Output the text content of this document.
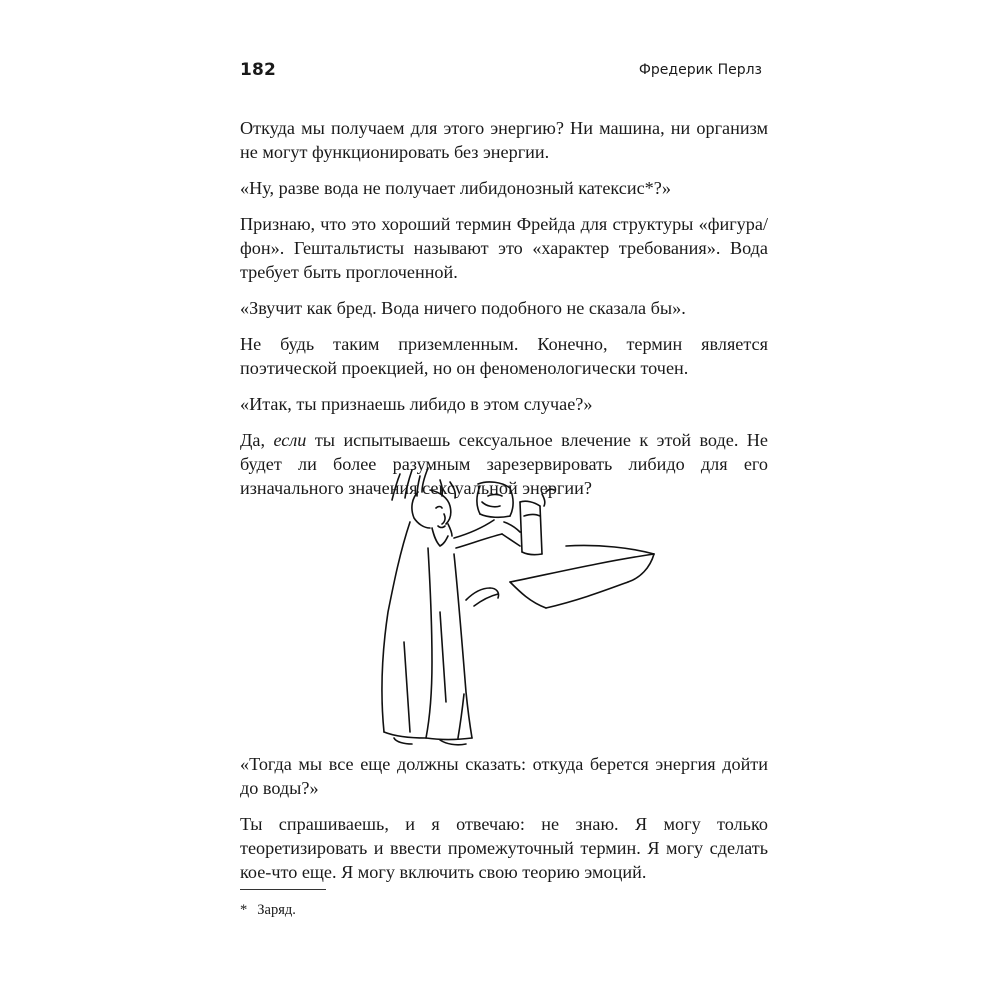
182	Фредерик Перлз

Откуда мы получаем для этого энергию? Ни машина, ни организм не могут функционировать без энергии.

«Ну, разве вода не получает либидонозный катексис*?»

Признаю, что это хороший термин Фрейда для структуры «фигура/фон». Гештальтисты называют это «характер требования». Вода требует быть проглоченной.

«Звучит как бред. Вода ничего подобного не сказала бы».

Не будь таким приземленным. Конечно, термин является поэтической проекцией, но он феноменологически точен.

«Итак, ты признаешь либидо в этом случае?»

Да, если ты испытываешь сексуальное влечение к этой воде. Не будет ли более разумным зарезервировать либидо для его изначального значения сексуальной энергии?

«Тогда мы все еще должны сказать: откуда берется энергия дойти до воды?»

Ты спрашиваешь, и я отвечаю: не знаю. Я могу только теоретизировать и ввести промежуточный термин. Я могу сделать кое-что еще. Я могу включить свою теорию эмоций.

* Заряд.
